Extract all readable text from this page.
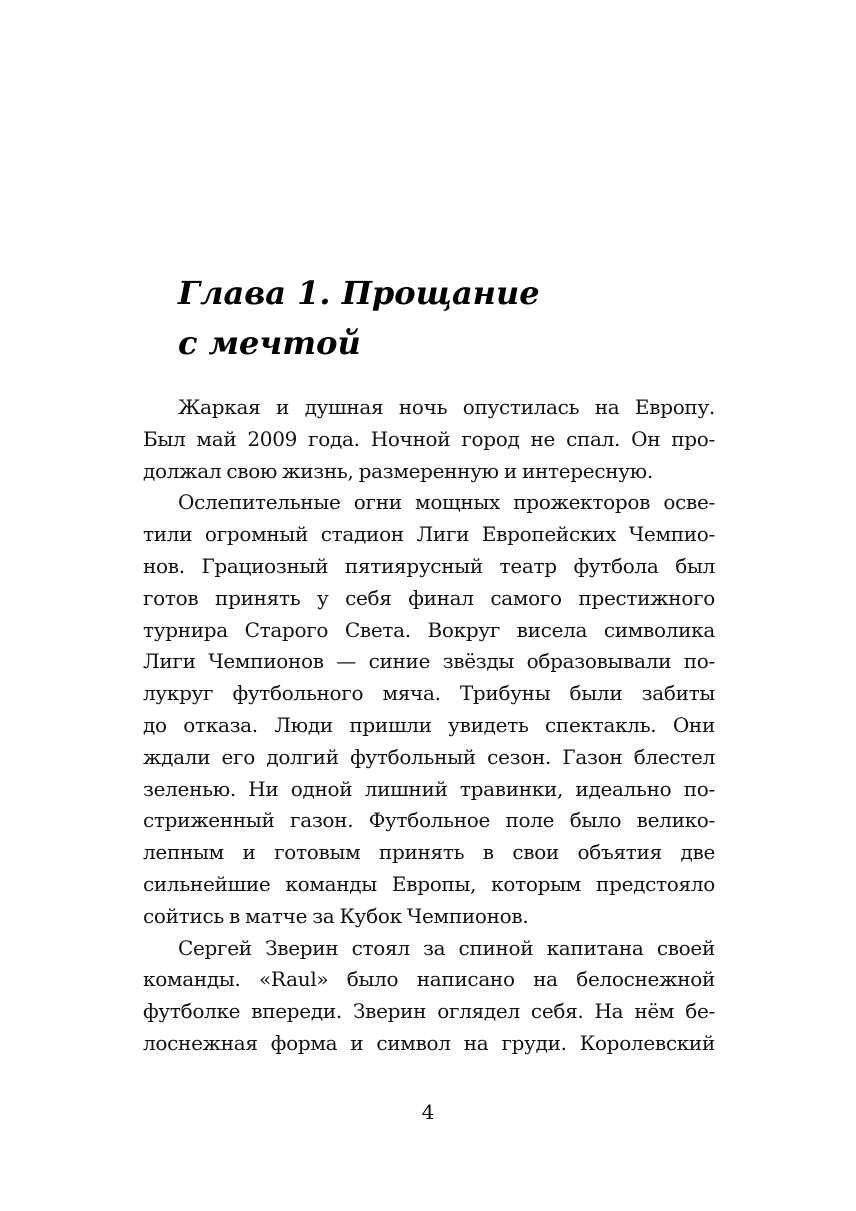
Глава 1. Прощание
с мечтой

Жаркая и душная ночь опустилась на Европу.
Был май 2009 года. Ночной город не спал. Он про-
должал свою жизнь, размеренную и интересную.

Ослепительные огни мощных прожекторов осве-
тили огромный стадион Лиги Европейских Чемпио-
нов. Грациозный пятиярусный театр футбола был
готов принять у себя финал самого престижного
турнира Старого Света. Вокруг висела символика
Лиги Чемпионов — синие звёзды образовывали по-
лукруг футбольного мяча. Трибуны были забиты
до отказа. Люди пришли увидеть спектакль. Они
ждали его долгий футбольный сезон. Газон блестел
зеленью. Ни одной лишний травинки, идеально по-
стриженный газон. Футбольное поле было велико-
лепным и готовым принять в свои объятия две
сильнейшие команды Европы, которым предстояло
сойтись в матче за Кубок Чемпионов.

Сергей Зверин стоял за спиной капитана своей
команды. «Raul» было написано на белоснежной
футболке впереди. Зверин оглядел себя. На нём бе-
лоснежная форма и символ на груди. Королевский

4
